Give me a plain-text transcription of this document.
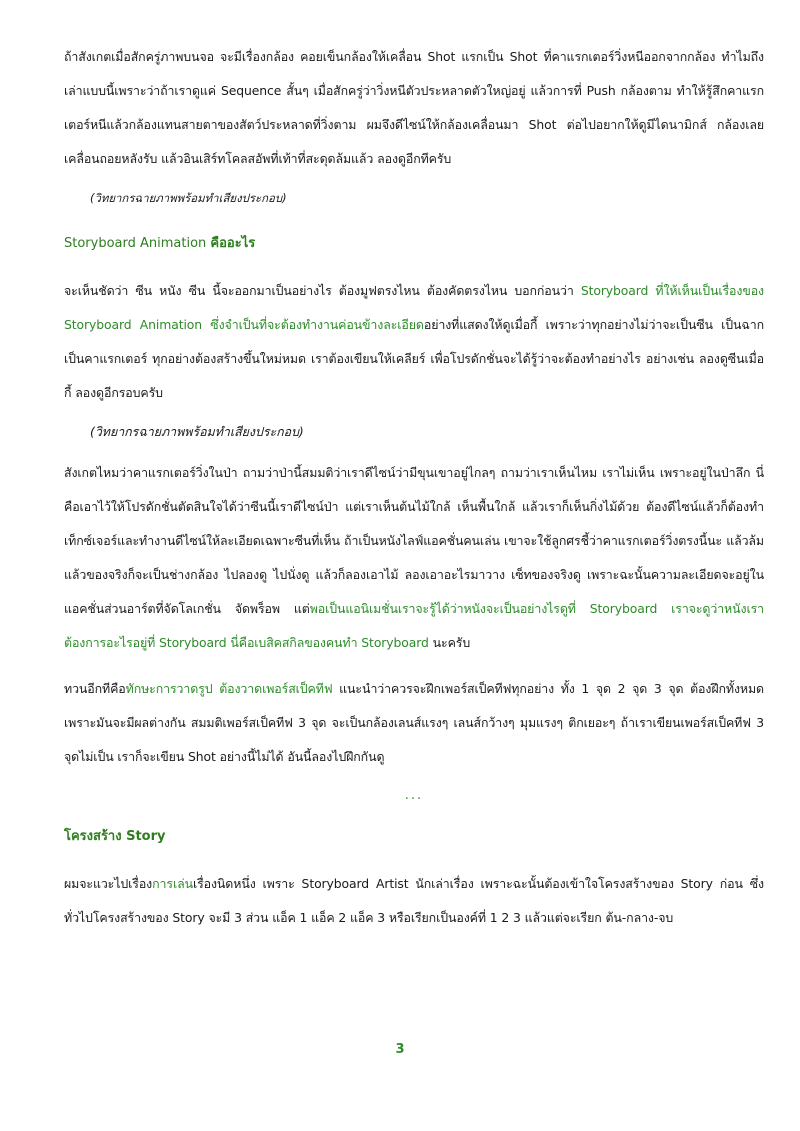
ถ้าสังเกตเมื่อสักครู่ภาพบนจอ จะมีเรื่องกล้อง คอยเข็นกล้องให้เคลื่อน Shot แรกเป็น Shot ที่คาแรกเตอร์วิ่งหนีออกจากกล้อง ทำไมถึงเล่าแบบนี้เพราะว่าถ้าเราดูแค่ Sequence สั้นๆ เมื่อสักครู่ว่าวิ่งหนีตัวประหลาดตัวใหญ่อยู่ แล้วการที่ Push กล้องตาม ทำให้รู้สึกคาแรกเตอร์หนีแล้วกล้องแทนสายตาของสัตว์ประหลาดที่วิ่งตาม ผมจึงดีไซน์ให้กล้องเคลื่อนมา Shot ต่อไปอยากให้ดูมีไดนามิกส์ กล้องเลยเคลื่อนถอยหลังรับ แล้วอินเสิร์ทโคลสอัพที่เท้าที่สะดุดล้มแล้ว ลองดูอีกทีครับ

(วิทยากรฉายภาพพร้อมทำเสียงประกอบ)
Storyboard Animation คืออะไร

จะเห็นชัดว่า ซีน หนัง ซีน นี้จะออกมาเป็นอย่างไร ต้องมูฟตรงไหน ต้องคัดตรงไหน บอกก่อนว่า Storyboard ที่ให้เห็นเป็นเรื่องของ Storyboard Animation ซึ่งจำเป็นที่จะต้องทำงานค่อนข้างละเอียดอย่างที่แสดงให้ดูเมื่อกี้ เพราะว่าทุกอย่างไม่ว่าจะเป็นซีน เป็นฉาก เป็นคาแรกเตอร์ ทุกอย่างต้องสร้างขึ้นใหม่หมด เราต้องเขียนให้เคลียร์ เพื่อโปรดักชั่นจะได้รู้ว่าจะต้องทำอย่างไร อย่างเช่น ลองดูซีนเมื่อกี้ ลองดูอีกรอบครับ

(วิทยากรฉายภาพพร้อมทำเสียงประกอบ)

สังเกตไหมว่าคาแรกเตอร์วิ่งในป่า ถามว่าป่านี้สมมติว่าเราดีไซน์ว่ามีขุนเขาอยู่ไกลๆ ถามว่าเราเห็นไหม เราไม่เห็น เพราะอยู่ในป่าลึก นี่คือเอาไว้ให้โปรดักชั่นตัดสินใจได้ว่าซีนนี้เราดีไซน์ป่า แต่เราเห็นต้นไม้ใกล้ เห็นพื้นใกล้ แล้วเราก็เห็นกิ่งไม้ด้วย ต้องดีไซน์แล้วก็ต้องทำเท็กซ์เจอร์และทำงานดีไซน์ให้ละเอียดเฉพาะซีนที่เห็น ถ้าเป็นหนังไลฟ์แอคชั่นคนเล่น เขาจะใช้ลูกศรชี้ว่าคาแรกเตอร์วิ่งตรงนี้นะ แล้วล้ม แล้วของจริงก็จะเป็นช่างกล้อง ไปลองดู ไปนั่งดู แล้วก็ลองเอาไม้ ลองเอาอะไรมาวาง เซ็ทของจริงดู เพราะฉะนั้นความละเอียดจะอยู่ในแอคชั่นส่วนอาร์ตที่จัดโลเกชั่น จัดพร็อพ แต่พอเป็นแอนิเมชั่นเราจะรู้ได้ว่าหนังจะเป็นอย่างไรดูที่ Storyboard เราจะดูว่าหนังเราต้องการอะไรอยู่ที่ Storyboard นี่คือเบสิคสกิลของคนทำ Storyboard นะครับ

ทวนอีกทีคือทักษะการวาดรูป ต้องวาดเพอร์สเป็คทีฟ แนะนำว่าควรจะฝึกเพอร์สเป็คทีฟทุกอย่าง ทั้ง 1 จุด 2 จุด 3 จุด ต้องฝึกทั้งหมด เพราะมันจะมีผลต่างกัน สมมติเพอร์สเป็คทีฟ 3 จุด จะเป็นกล้องเลนส์แรงๆ เลนส์กว้างๆ มุมแรงๆ ติกเยอะๆ ถ้าเราเขียนเพอร์สเป็คทีฟ 3 จุดไม่เป็น เราก็จะเขียน Shot อย่างนี้ไม่ได้ อันนี้ลองไปฝึกกันดู

...
โครงสร้าง Story

ผมจะแวะไปเรื่องการเล่นเรื่องนิดหนึ่ง เพราะ Storyboard Artist นักเล่าเรื่อง เพราะฉะนั้นต้องเข้าใจโครงสร้างของ Story ก่อน ซึ่งทั่วไปโครงสร้างของ Story จะมี 3 ส่วน แอ็ค 1 แอ็ค 2 แอ็ค 3 หรือเรียกเป็นองค์ที่ 1 2 3 แล้วแต่จะเรียก ต้น-กลาง-จบ

3
